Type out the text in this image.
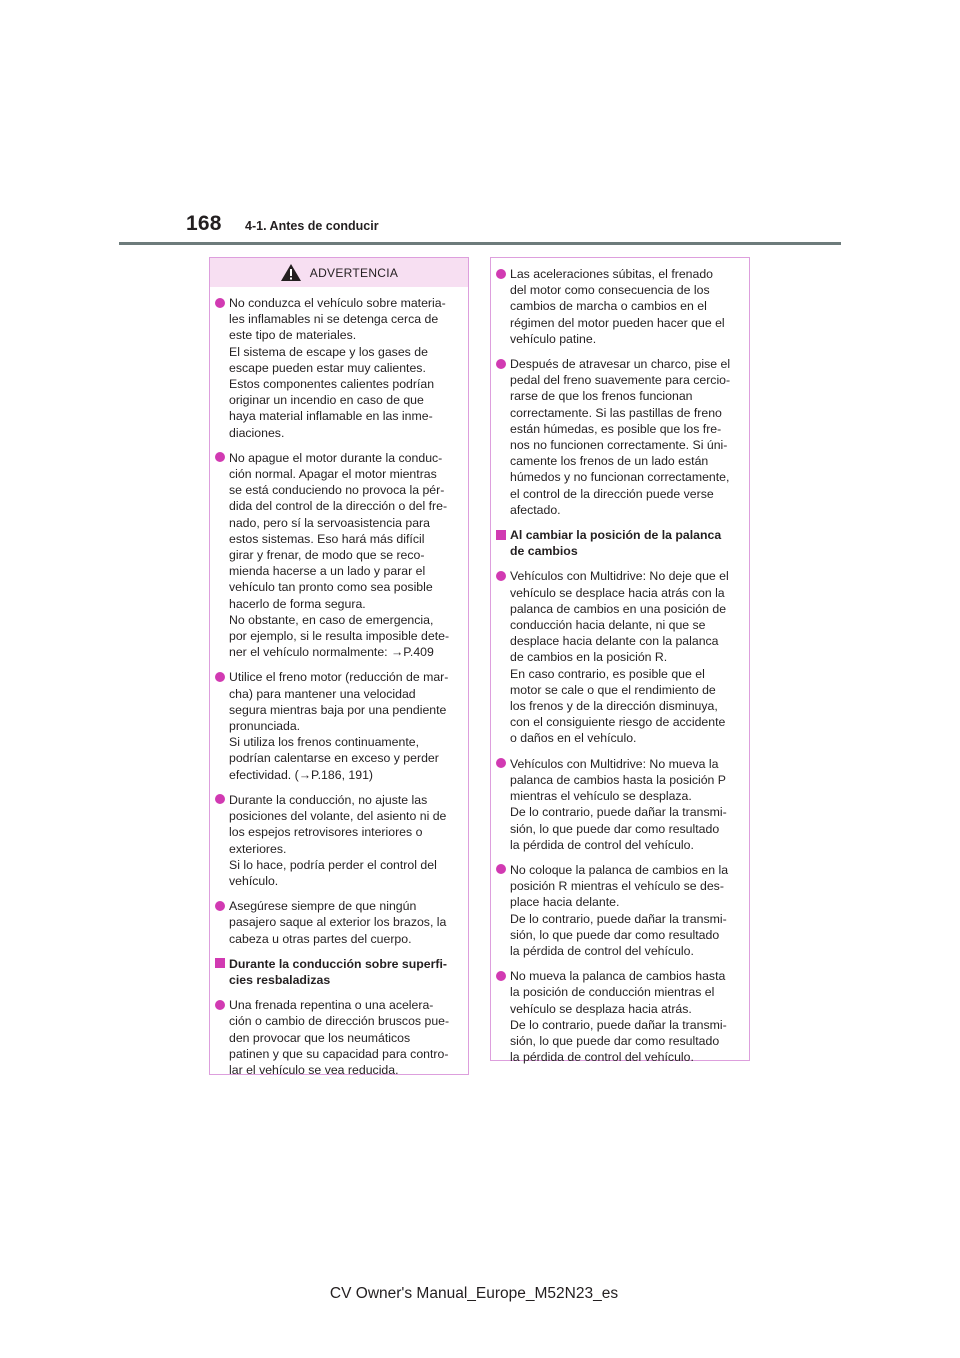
168 4-1. Antes de conducir
ADVERTENCIA
No conduzca el vehículo sobre materia-
les inflamables ni se detenga cerca de
este tipo de materiales.
El sistema de escape y los gases de
escape pueden estar muy calientes.
Estos componentes calientes podrían
originar un incendio en caso de que
haya material inflamable en las inme-
diaciones.
No apague el motor durante la conduc-
ción normal. Apagar el motor mientras
se está conduciendo no provoca la pér-
dida del control de la dirección o del fre-
nado, pero sí la servoasistencia para
estos sistemas. Eso hará más difícil
girar y frenar, de modo que se reco-
mienda hacerse a un lado y parar el
vehículo tan pronto como sea posible
hacerlo de forma segura.
No obstante, en caso de emergencia,
por ejemplo, si le resulta imposible dete-
ner el vehículo normalmente: →P.409
Utilice el freno motor (reducción de mar-
cha) para mantener una velocidad
segura mientras baja por una pendiente
pronunciada.
Si utiliza los frenos continuamente,
podrían calentarse en exceso y perder
efectividad. (→P.186, 191)
Durante la conducción, no ajuste las
posiciones del volante, del asiento ni de
los espejos retrovisores interiores o
exteriores.
Si lo hace, podría perder el control del
vehículo.
Asegúrese siempre de que ningún
pasajero saque al exterior los brazos, la
cabeza u otras partes del cuerpo.
Durante la conducción sobre superfi-
cies resbaladizas
Una frenada repentina o una acelera-
ción o cambio de dirección bruscos pue-
den provocar que los neumáticos
patinen y que su capacidad para contro-
lar el vehículo se vea reducida.
Las aceleraciones súbitas, el frenado
del motor como consecuencia de los
cambios de marcha o cambios en el
régimen del motor pueden hacer que el
vehículo patine.
Después de atravesar un charco, pise el
pedal del freno suavemente para cercio-
rarse de que los frenos funcionan
correctamente. Si las pastillas de freno
están húmedas, es posible que los fre-
nos no funcionen correctamente. Si úni-
camente los frenos de un lado están
húmedos y no funcionan correctamente,
el control de la dirección puede verse
afectado.
Al cambiar la posición de la palanca
de cambios
Vehículos con Multidrive: No deje que el
vehículo se desplace hacia atrás con la
palanca de cambios en una posición de
conducción hacia delante, ni que se
desplace hacia delante con la palanca
de cambios en la posición R.
En caso contrario, es posible que el
motor se cale o que el rendimiento de
los frenos y de la dirección disminuya,
con el consiguiente riesgo de accidente
o daños en el vehículo.
Vehículos con Multidrive: No mueva la
palanca de cambios hasta la posición P
mientras el vehículo se desplaza.
De lo contrario, puede dañar la transmi-
sión, lo que puede dar como resultado
la pérdida de control del vehículo.
No coloque la palanca de cambios en la
posición R mientras el vehículo se des-
place hacia delante.
De lo contrario, puede dañar la transmi-
sión, lo que puede dar como resultado
la pérdida de control del vehículo.
No mueva la palanca de cambios hasta
la posición de conducción mientras el
vehículo se desplaza hacia atrás.
De lo contrario, puede dañar la transmi-
sión, lo que puede dar como resultado
la pérdida de control del vehículo.
CV Owner's Manual_Europe_M52N23_es
